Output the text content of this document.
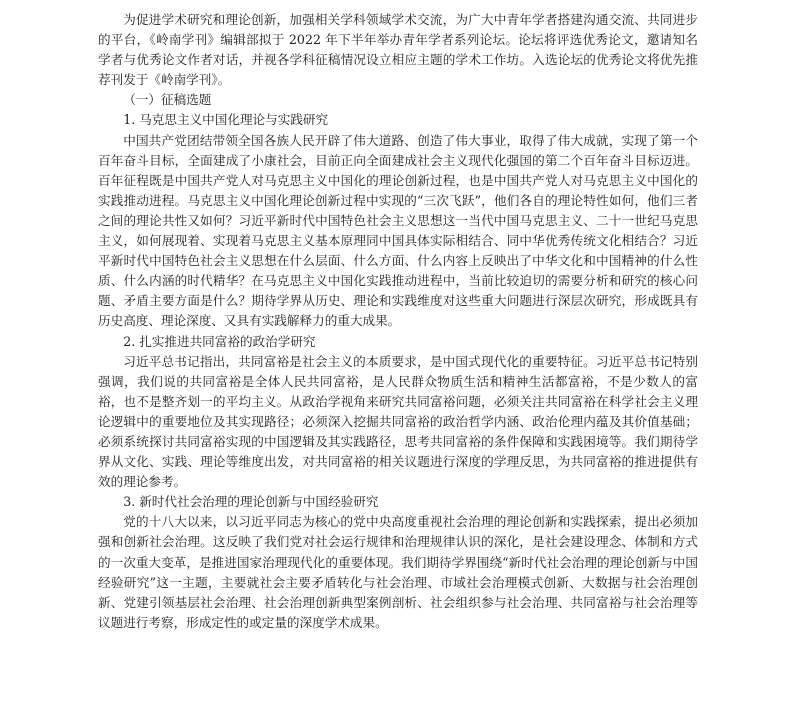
为促进学术研究和理论创新，加强相关学科领域学术交流，为广大中青年学者搭建沟通交流、共同进步的平台，《岭南学刊》编辑部拟于 2022 年下半年举办青年学者系列论坛。论坛将评选优秀论文，邀请知名学者与优秀论文作者对话，并视各学科征稿情况设立相应主题的学术工作坊。入选论坛的优秀论文将优先推荐刊发于《岭南学刊》。

（一）征稿选题

1. 马克思主义中国化理论与实践研究

中国共产党团结带领全国各族人民开辟了伟大道路、创造了伟大事业，取得了伟大成就，实现了第一个百年奋斗目标，全面建成了小康社会，目前正向全面建成社会主义现代化强国的第二个百年奋斗目标迈进。百年征程既是中国共产党人对马克思主义中国化的理论创新过程，也是中国共产党人对马克思主义中国化的实践推动进程。马克思主义中国化理论创新过程中实现的“三次飞跃”，他们各自的理论特性如何，他们三者之间的理论共性又如何？习近平新时代中国特色社会主义思想这一当代中国马克思主义、二十一世纪马克思主义，如何展现着、实现着马克思主义基本原理同中国具体实际相结合、同中华优秀传统文化相结合？习近平新时代中国特色社会主义思想在什么层面、什么方面、什么内容上反映出了中华文化和中国精神的什么性质、什么内涵的时代精华？在马克思主义中国化实践推动进程中，当前比较迫切的需要分析和研究的核心问题、矛盾主要方面是什么？期待学界从历史、理论和实践维度对这些重大问题进行深层次研究，形成既具有历史高度、理论深度、又具有实践解释力的重大成果。

2. 扎实推进共同富裕的政治学研究

习近平总书记指出，共同富裕是社会主义的本质要求，是中国式现代化的重要特征。习近平总书记特别强调，我们说的共同富裕是全体人民共同富裕，是人民群众物质生活和精神生活都富裕，不是少数人的富裕，也不是整齐划一的平均主义。从政治学视角来研究共同富裕问题，必须关注共同富裕在科学社会主义理论逻辑中的重要地位及其实现路径；必须深入挖掘共同富裕的政治哲学内涵、政治伦理内蕴及其价值基础；必须系统探讨共同富裕实现的中国逻辑及其实践路径，思考共同富裕的条件保障和实践困境等。我们期待学界从文化、实践、理论等维度出发，对共同富裕的相关议题进行深度的学理反思，为共同富裕的推进提供有效的理论参考。

3. 新时代社会治理的理论创新与中国经验研究

党的十八大以来，以习近平同志为核心的党中央高度重视社会治理的理论创新和实践探索，提出必须加强和创新社会治理。这反映了我们党对社会运行规律和治理规律认识的深化，是社会建设理念、体制和方式的一次重大变革，是推进国家治理现代化的重要体现。我们期待学界围绕“新时代社会治理的理论创新与中国经验研究”这一主题，主要就社会主要矛盾转化与社会治理、市域社会治理模式创新、大数据与社会治理创新、党建引领基层社会治理、社会治理创新典型案例剖析、社会组织参与社会治理、共同富裕与社会治理等议题进行考察，形成定性的或定量的深度学术成果。
